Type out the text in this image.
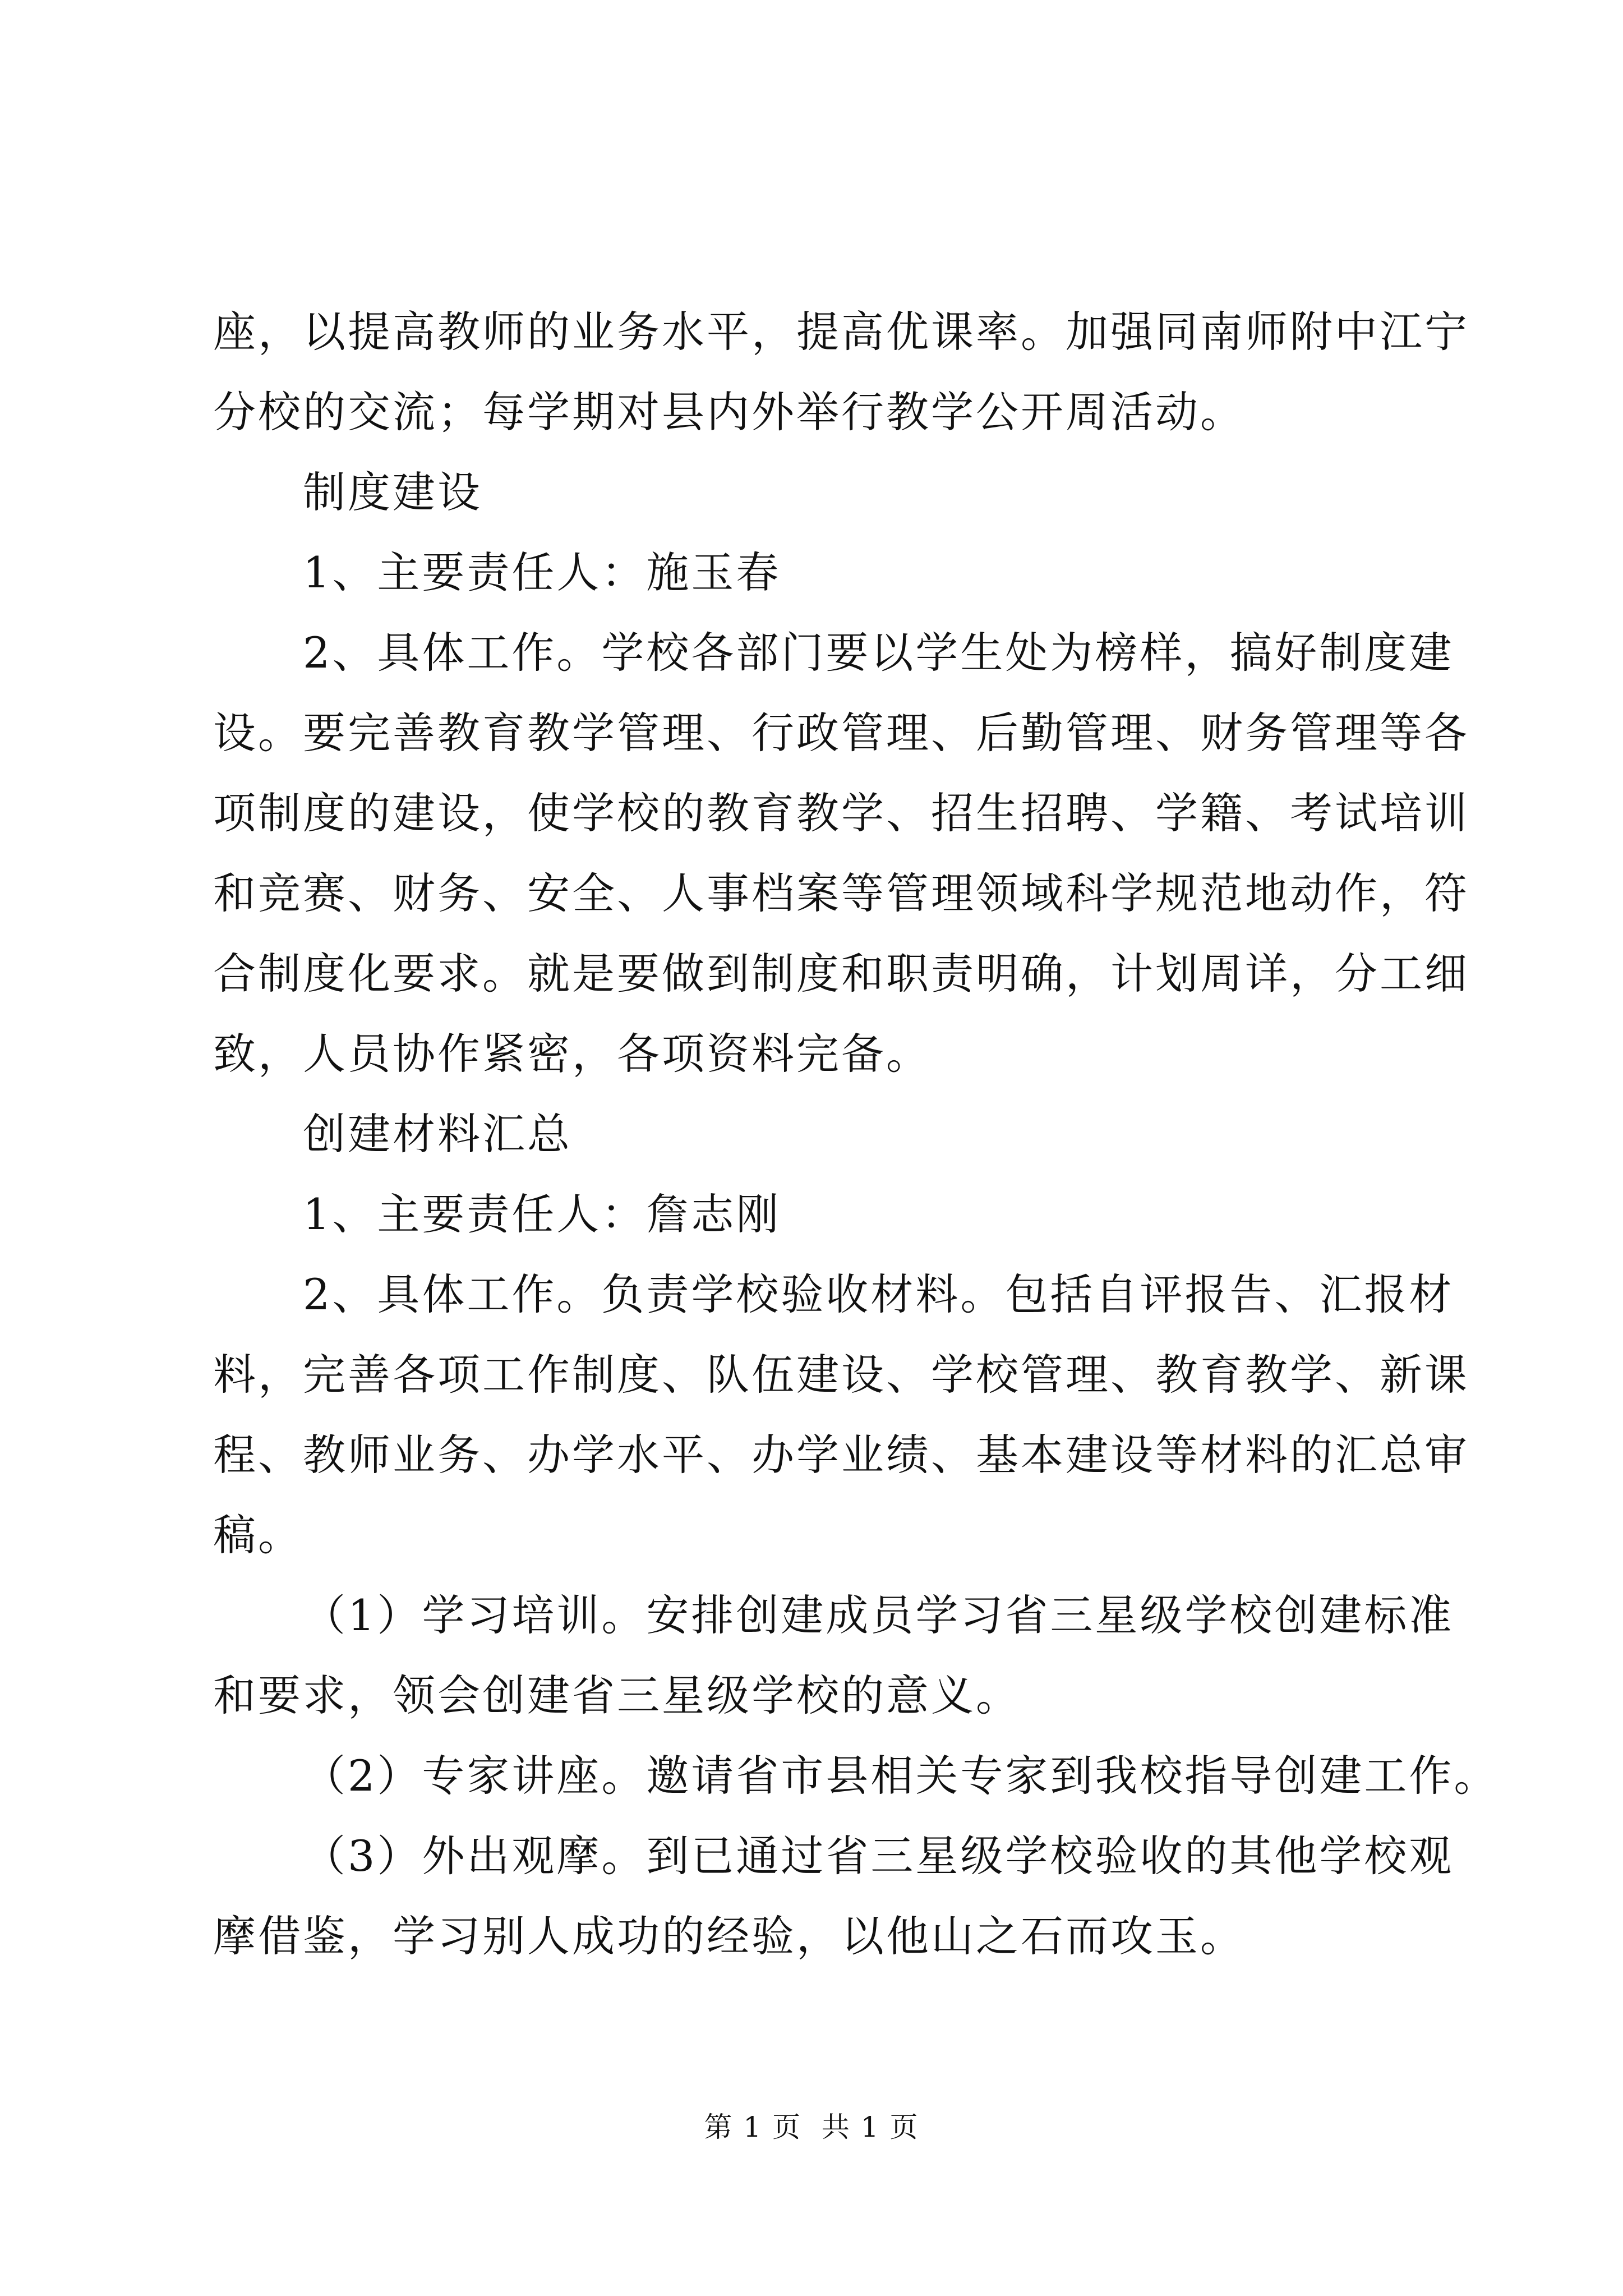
座，以提高教师的业务水平，提高优课率。加强同南师附中江宁
分校的交流；每学期对县内外举行教学公开周活动。
制度建设
1、主要责任人：施玉春
2、具体工作。学校各部门要以学生处为榜样，搞好制度建
设。要完善教育教学管理、行政管理、后勤管理、财务管理等各
项制度的建设，使学校的教育教学、招生招聘、学籍、考试培训
和竞赛、财务、安全、人事档案等管理领域科学规范地动作，符
合制度化要求。就是要做到制度和职责明确，计划周详，分工细
致，人员协作紧密，各项资料完备。
创建材料汇总
1、主要责任人：詹志刚
2、具体工作。负责学校验收材料。包括自评报告、汇报材
料，完善各项工作制度、队伍建设、学校管理、教育教学、新课
程、教师业务、办学水平、办学业绩、基本建设等材料的汇总审
稿。
（1）学习培训。安排创建成员学习省三星级学校创建标准
和要求，领会创建省三星级学校的意义。
（2）专家讲座。邀请省市县相关专家到我校指导创建工作。
（3）外出观摩。到已通过省三星级学校验收的其他学校观
摩借鉴，学习别人成功的经验，以他山之石而攻玉。
第 1 页  共 1 页
